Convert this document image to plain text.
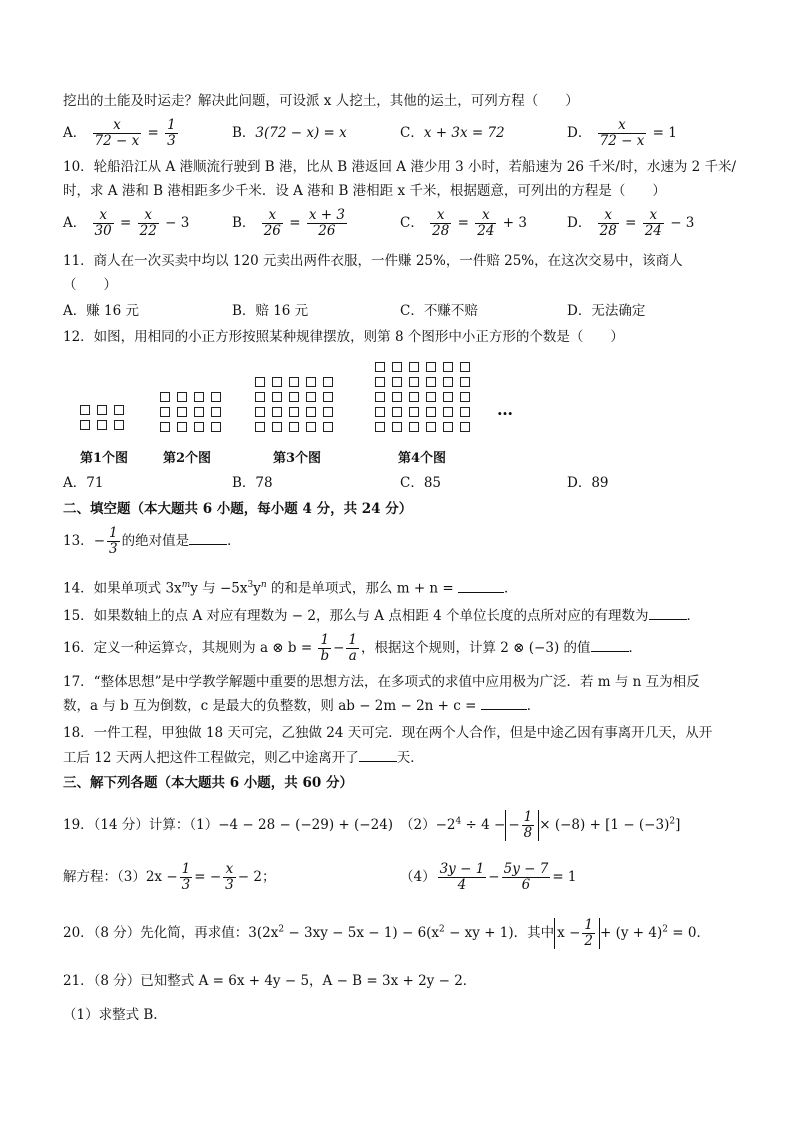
挖出的土能及时运走？解决此问题，可设派 x 人挖土，其他的运土，可列方程（　　）
A． $\frac{x}{72 - x} = \frac{1}{3}$	B．3(72 − x) = x	C．x + 3x = 72	D． $\frac{x}{72 - x} = 1$
10．轮船沿江从 A 港顺流行驶到 B 港，比从 B 港返回 A 港少用 3 小时，若船速为 26 千米/时，水速为 2 千米/
时，求 A 港和 B 港相距多少千米．设 A 港和 B 港相距 x 千米，根据题意，可列出的方程是（　　）
A． $\frac{x}{30} = \frac{x}{22} - 3$	B． $\frac{x}{26} = \frac{x + 3}{26}$	C． $\frac{x}{28} = \frac{x}{24} + 3$	D． $\frac{x}{28} = \frac{x}{24} - 3$
11．商人在一次买卖中均以 120 元卖出两件衣服，一件赚 25%，一件赔 25%，在这次交易中，该商人
（　　）
A．赚 16 元	B．赔 16 元	C．不赚不赔	D．无法确定
12．如图，用相同的小正方形按照某种规律摆放，则第 8 个图形中小正方形的个数是（　　）
第1个图	第2个图	第3个图	第4个图
…
A．71	B．78	C．85	D．89
二、填空题（本大题共 6 小题，每小题 4 分，共 24 分）
13．− $\frac{1}{3}$ 的绝对值是	．
14．如果单项式 $3x^my$ 与 $-5x^3y^n$ 的和是单项式，那么 m + n =	．
15．如果数轴上的点 A 对应有理数为 − 2，那么与 A 点相距 4 个单位长度的点所对应的有理数为	．
16．定义一种运算☆，其规则为 a ⊗ $b = \frac{1}{b} - \frac{1}{a}$ ，根据这个规则，计算 2 ⊗ (−3) 的值	．
17．“整体思想”是中学教学解题中重要的思想方法，在多项式的求值中应用极为广泛．若 m 与 n 互为相反
数，a 与 b 互为倒数，c 是最大的负整数，则 ab − 2m − 2n + c =	．
18．一件工程，甲独做 18 天可完，乙独做 24 天可完．现在两个人合作，但是中途乙因有事离开几天，从开
工后 12 天两人把这件工程做完，则乙中途离开了	天．
三、解下列各题（本大题共 6 小题，共 60 分）
19．（14 分）计算：（1）−4 − 28 − (−29) + (−24) $(2)-2^4 \div 4$ − − $\frac{1}{8} \times (-8) + [1 - (-3)^2]$
解方程：$(3)2x - \frac{1}{3}$ = − $\frac{x}{3} - 2$；	$(4) \frac{3y - 1}{4} - \frac{5y - 7}{6} = 1$
20．（8 分）先化简，再求值：$3(2x^2 - 3xy - 5x - 1) - 6(x^2$ − xy + 1)．其中 $x - \frac{1}{2} + (y + 4)^2 = 0$．
21．（8 分）已知整式 A = 6x + 4y − 5，A − B = 3x + 2y − 2．
（1）求整式 B.
